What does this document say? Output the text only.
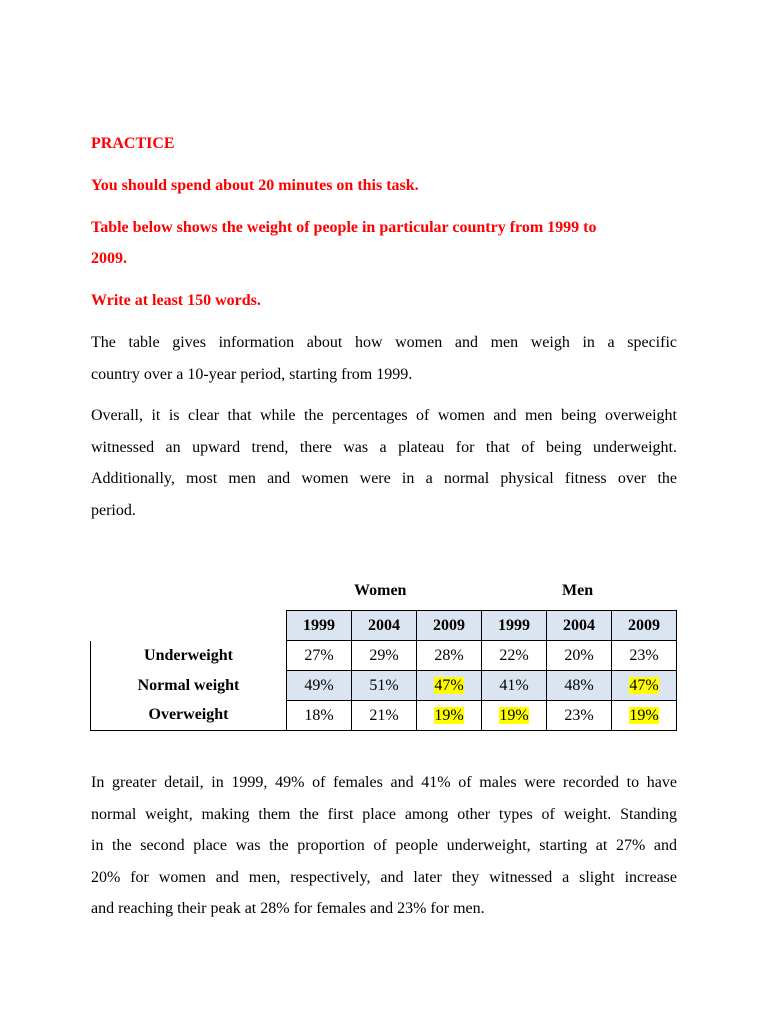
PRACTICE

You should spend about 20 minutes on this task.

Table below shows the weight of people in particular country from 1999 to

2009.

Write at least 150 words.

The table gives information about how women and men weigh in a specific
country over a 10-year period, starting from 1999.
Overall, it is clear that while the percentages of women and men being overweight
witnessed an upward trend, there was a plateau for that of being underweight.
Additionally, most men and women were in a normal physical fitness over the
period.
Women	Men
	1999	2004	2009	1999	2004	2009
Underweight	27%	29%	28%	22%	20%	23%
Normal weight	49%	51%	47%	41%	48%	47%
Overweight	18%	21%	19%	19%	23%	19%
In greater detail, in 1999, 49% of females and 41% of males were recorded to have
normal weight, making them the first place among other types of weight. Standing
in the second place was the proportion of people underweight, starting at 27% and
20% for women and men, respectively, and later they witnessed a slight increase
and reaching their peak at 28% for females and 23% for men.
